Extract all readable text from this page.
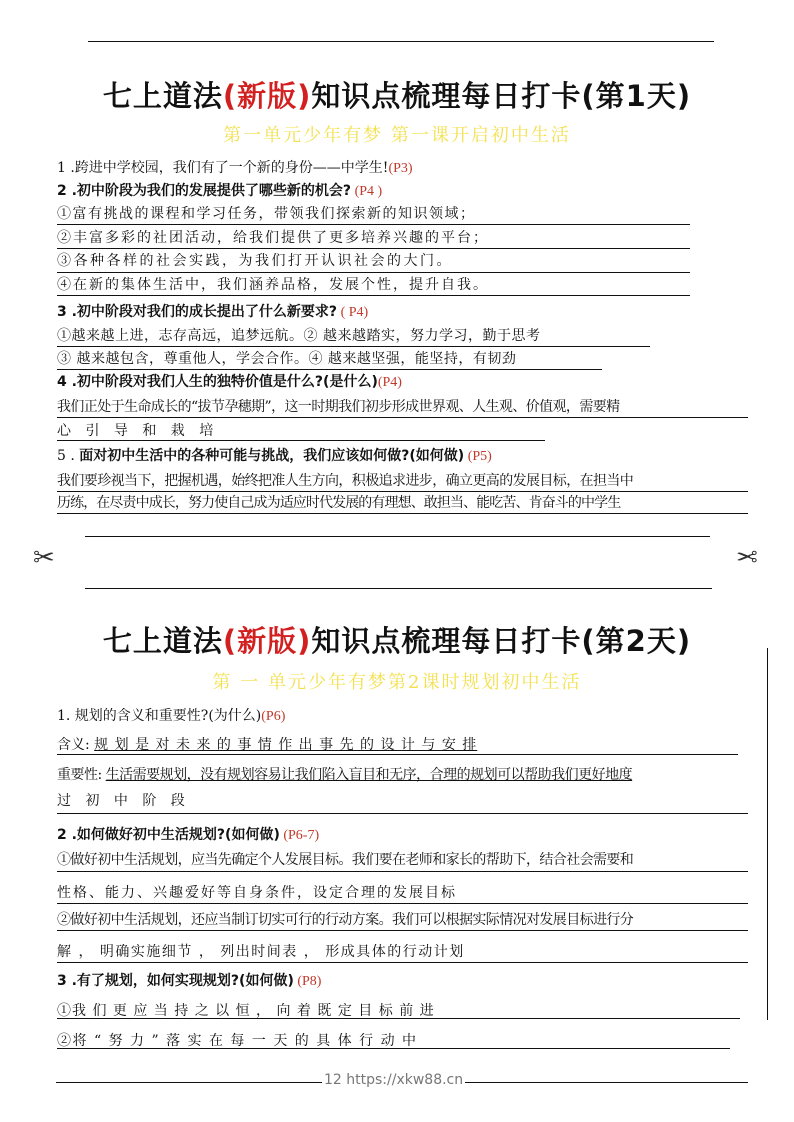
七上道法(新版)知识点梳理每日打卡(第1天)
第一单元少年有梦 第一课开启初中生活
1 .跨进中学校园，我们有了一个新的身份——中学生!(P3)
2 .初中阶段为我们的发展提供了哪些新的机会? (P4 )
①富有挑战的课程和学习任务，带领我们探索新的知识领域；
②丰富多彩的社团活动，给我们提供了更多培养兴趣的平台；
③各种各样的社会实践，为我们打开认识社会的大门。
④在新的集体生活中，我们涵养品格，发展个性，提升自我。
3 .初中阶段对我们的成长提出了什么新要求? ( P4)
①越来越上进，志存高远，追梦远航。② 越来越踏实，努力学习，勤于思考
③ 越来越包含，尊重他人，学会合作。④ 越来越坚强，能坚持，有韧劲
4 .初中阶段对我们人生的独特价值是什么?(是什么)(P4)
我们正处于生命成长的“拔节孕穗期”，这一时期我们初步形成世界观、人生观、价值观，需要精
心 引 导 和 栽 培
5 . 面对初中生活中的各种可能与挑战，我们应该如何做?(如何做) (P5)
我们要珍视当下，把握机遇，始终把准人生方向，积极追求进步，确立更高的发展目标，在担当中
历练，在尽责中成长，努力使自己成为适应时代发展的有理想、敢担当、能吃苦、肯奋斗的中学生
✂	✂
七上道法(新版)知识点梳理每日打卡(第2天)
第 一 单元少年有梦第2课时规划初中生活
1. 规划的含义和重要性?(为什么)(P6)
含义: 规 划 是 对 未 来 的 事 情 作 出 事 先 的 设 计 与 安 排
重要性: 生活需要规划，没有规划容易让我们陷入盲目和无序，合理的规划可以帮助我们更好地度
过 初 中 阶 段
2 .如何做好初中生活规划?(如何做) (P6-7)
①做好初中生活规划，应当先确定个人发展目标。我们要在老师和家长的帮助下，结合社会需要和
性格、能力、兴趣爱好等自身条件，设定合理的发展目标
②做好初中生活规划，还应当制订切实可行的行动方案。我们可以根据实际情况对发展目标进行分
解 ， 明确实施细节 ， 列出时间表 ， 形成具体的行动计划
3 .有了规划，如何实现规划?(如何做) (P8)
①我 们 更 应 当 持 之 以 恒 ， 向 着 既 定 目 标 前 进
②将 “ 努 力 ” 落 实 在 每 一 天 的 具 体 行 动 中
12 https://xkw88.cn
